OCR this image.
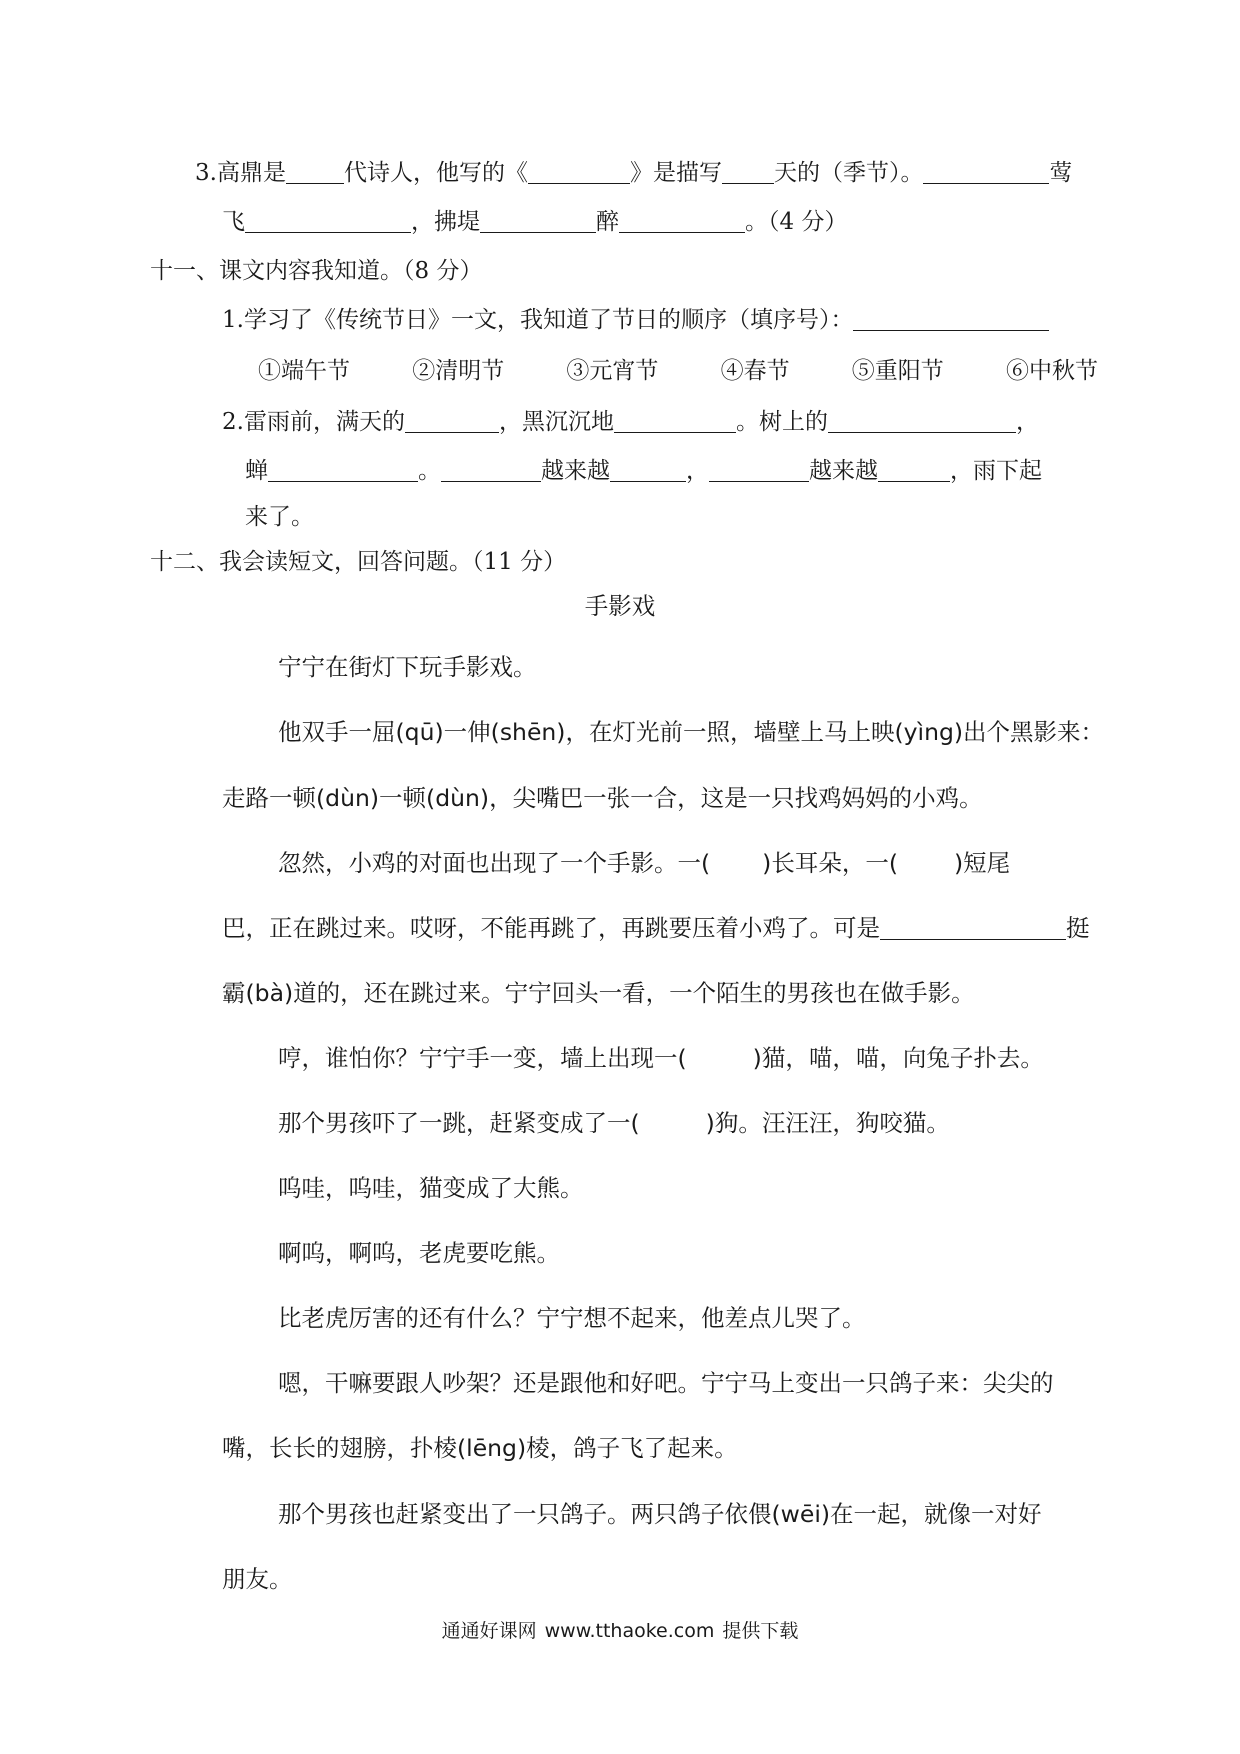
3.高鼎是	代诗人，他写的《	》是描写 天的（季节）。	莺
飞	，拂堤	醉	。（4 分）
十一、课文内容我知道。（8 分）
1.学习了《传统节日》一文，我知道了节日的顺序（填序号）：
①端午节	②清明节	③元宵节	④春节	⑤重阳节	⑥中秋节
2.雷雨前，满天的	，黑沉沉地	。树上的	，
蝉	。	越来越	，	越来越	，雨下起
来了。
十二、我会读短文，回答问题。（11 分）
手影戏
宁宁在街灯下玩手影戏。
他双手一屈(qū)一伸(shēn)，在灯光前一照，墙壁上马上映(yìng)出个黑影来：
走路一顿(dùn)一顿(dùn)，尖嘴巴一张一合，这是一只找鸡妈妈的小鸡。
忽然，小鸡的对面也出现了一个手影。一( )长耳朵，一( )短尾
巴，正在跳过来。哎呀，不能再跳了，再跳要压着小鸡了。可是	挺
霸(bà)道的，还在跳过来。宁宁回头一看，一个陌生的男孩也在做手影。
哼，谁怕你？宁宁手一变，墙上出现一(	)猫，喵，喵，向兔子扑去。
那个男孩吓了一跳，赶紧变成了一(	)狗。汪汪汪，狗咬猫。
呜哇，呜哇，猫变成了大熊。
啊呜，啊呜，老虎要吃熊。
比老虎厉害的还有什么？宁宁想不起来，他差点儿哭了。
嗯，干嘛要跟人吵架？还是跟他和好吧。宁宁马上变出一只鸽子来：尖尖的
嘴，长长的翅膀，扑棱(lēng)棱，鸽子飞了起来。
那个男孩也赶紧变出了一只鸽子。两只鸽子依偎(wēi)在一起，就像一对好
朋友。
通通好课网 www.tthaoke.com 提供下载
